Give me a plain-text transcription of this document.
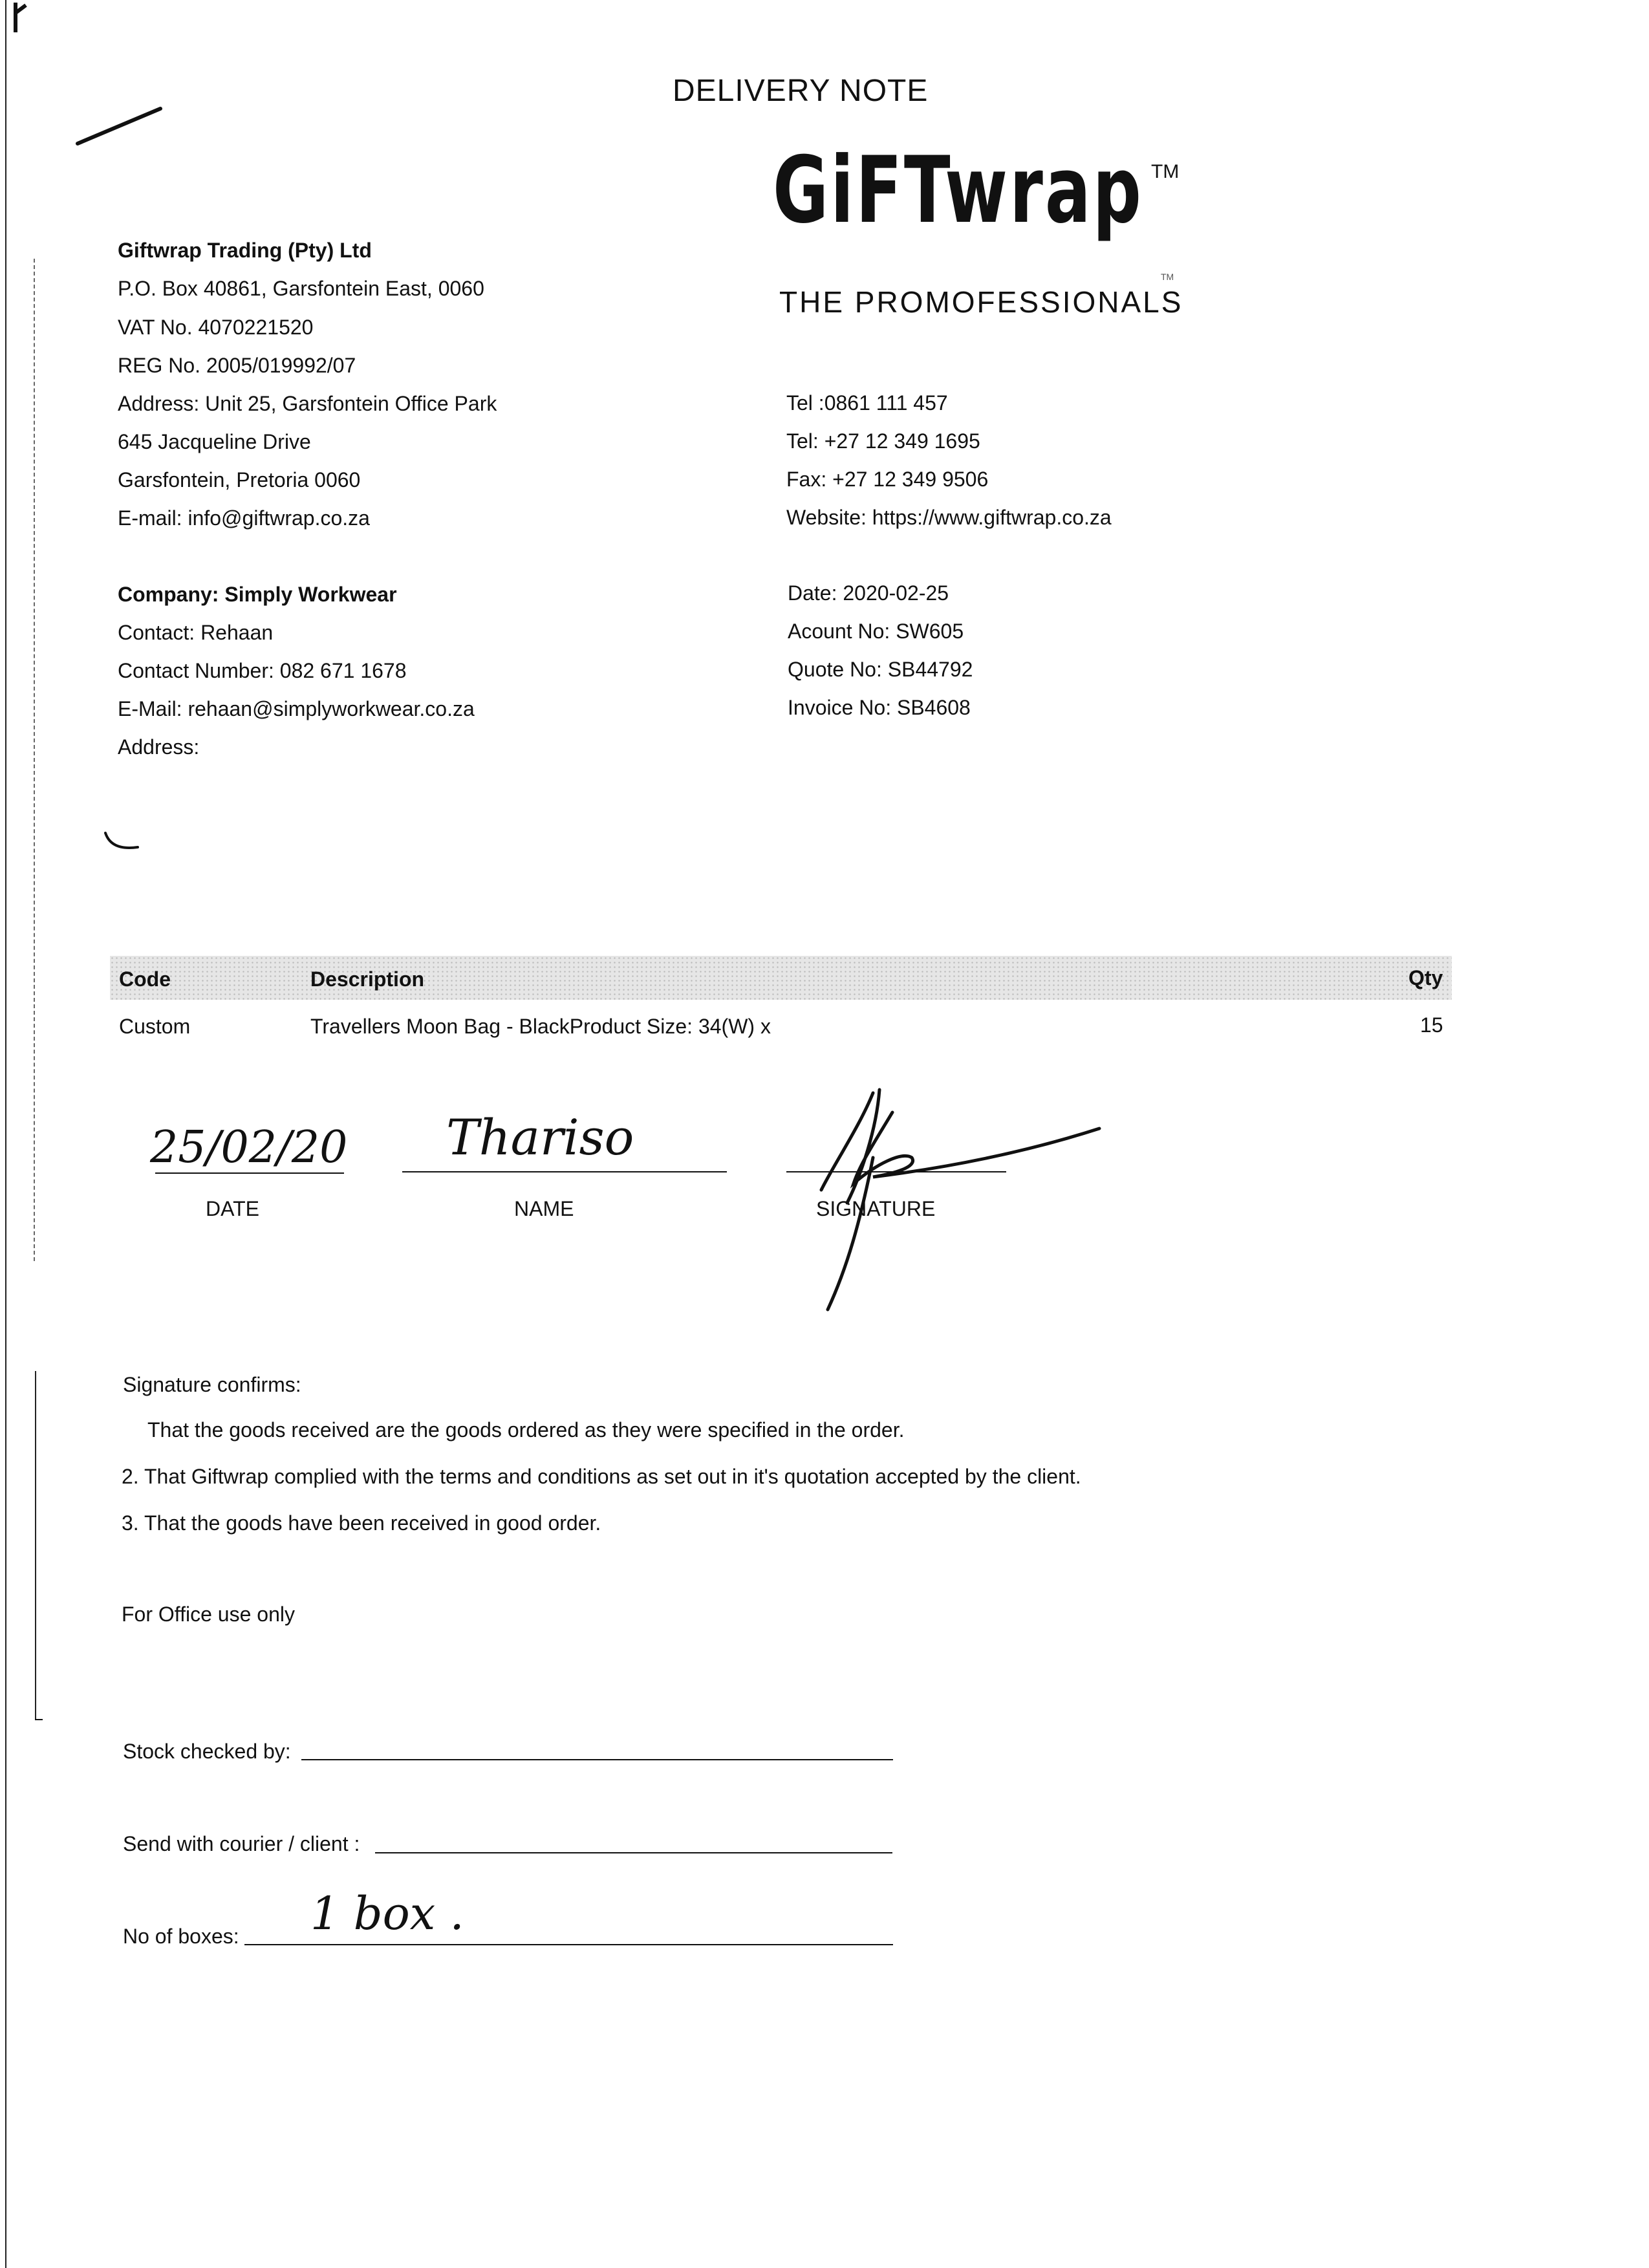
DELIVERY NOTE
GiFTwrap TM
TM
THE PROMOFESSIONALS
Giftwrap Trading (Pty) Ltd
P.O. Box 40861, Garsfontein East, 0060
VAT No. 4070221520
REG No. 2005/019992/07
Address: Unit 25, Garsfontein Office Park
645 Jacqueline Drive
Garsfontein, Pretoria 0060
E-mail: info@giftwrap.co.za
Tel :0861 111 457
Tel: +27 12 349 1695
Fax: +27 12 349 9506
Website: https://www.giftwrap.co.za
Company: Simply Workwear
Contact: Rehaan
Contact Number: 082 671 1678
E-Mail: rehaan@simplyworkwear.co.za
Address:
Date: 2020-02-25
Acount No: SW605
Quote No: SB44792
Invoice No: SB4608
Code	Description	Qty
Custom	Travellers Moon Bag - BlackProduct Size: 34(W) x	15
25/02/20
DATE
Thariso
NAME	SIGNATURE
Signature confirms:
That the goods received are the goods ordered as they were specified in the order.
2. That Giftwrap complied with the terms and conditions as set out in it's quotation accepted by the client.
3. That the goods have been received in good order.
For Office use only
Stock checked by:
Send with courier / client :
No of boxes: 1 box .
